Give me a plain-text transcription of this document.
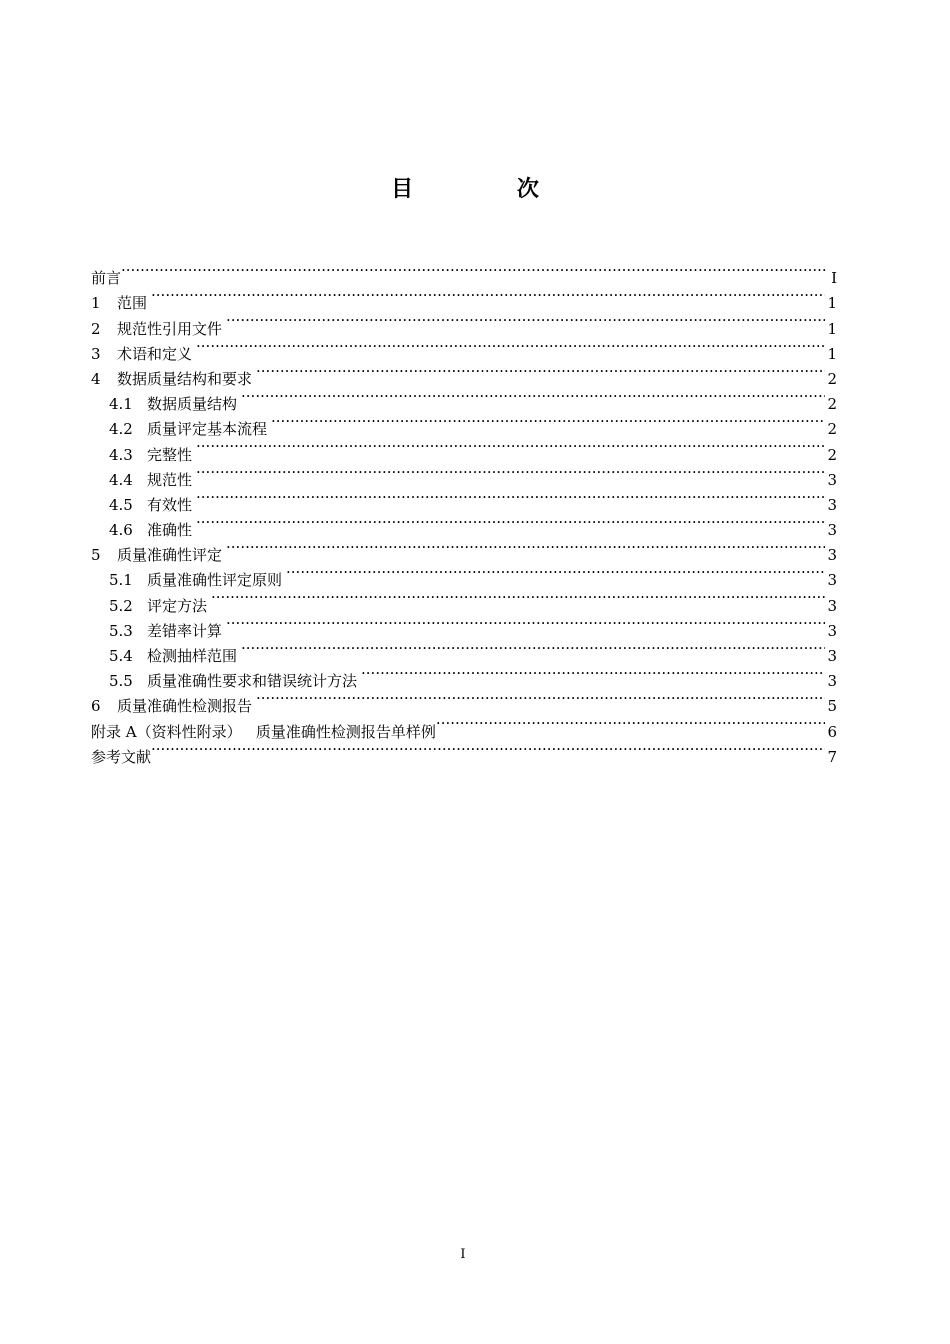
目 次
前言 ·····	I
1	范围 ·····	1
2	规范性引用文件 ·····	1
3	术语和定义 ·····	1
4	数据质量结构和要求 ·····	2
4.1 数据质量结构 ·····	2
4.2 质量评定基本流程 ·····	2
4.3 完整性 ·····	2
4.4 规范性 ·····	3
4.5 有效性 ·····	3
4.6 准确性 ·····	3
5	质量准确性评定 ·····	3
5.1 质量准确性评定原则 ·····	3
5.2 评定方法 ·····	3
5.3 差错率计算 ·····	3
5.4 检测抽样范围 ·····	3
5.5 质量准确性要求和错误统计方法 ·····	3
6	质量准确性检测报告 ·····	5
附录 A（资料性附录）   质量准确性检测报告单样例 ·····	6
参考文献 ·····	7
I
